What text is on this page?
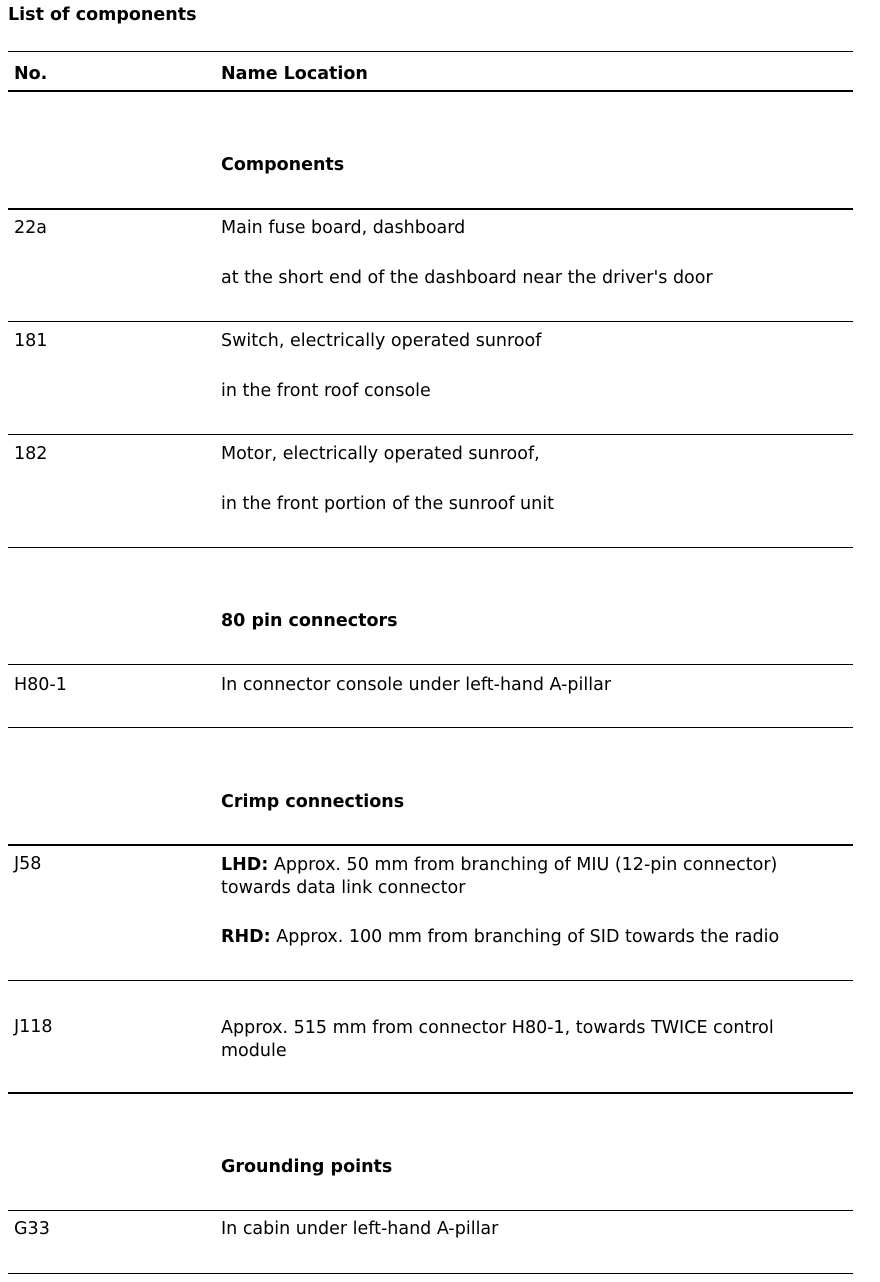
List of components
No.	Name Location
Components
22a	Main fuse board, dashboard
at the short end of the dashboard near the driver's door
181	Switch, electrically operated sunroof
in the front roof console
182	Motor, electrically operated sunroof,
in the front portion of the sunroof unit
80 pin connectors
H80-1	In connector console under left-hand A-pillar
Crimp connections
J58	LHD: Approx. 50 mm from branching of MIU (12-pin connector) towards data link connector
RHD: Approx. 100 mm from branching of SID towards the radio
J118	Approx. 515 mm from connector H80-1, towards TWICE control module
Grounding points
G33	In cabin under left-hand A-pillar
